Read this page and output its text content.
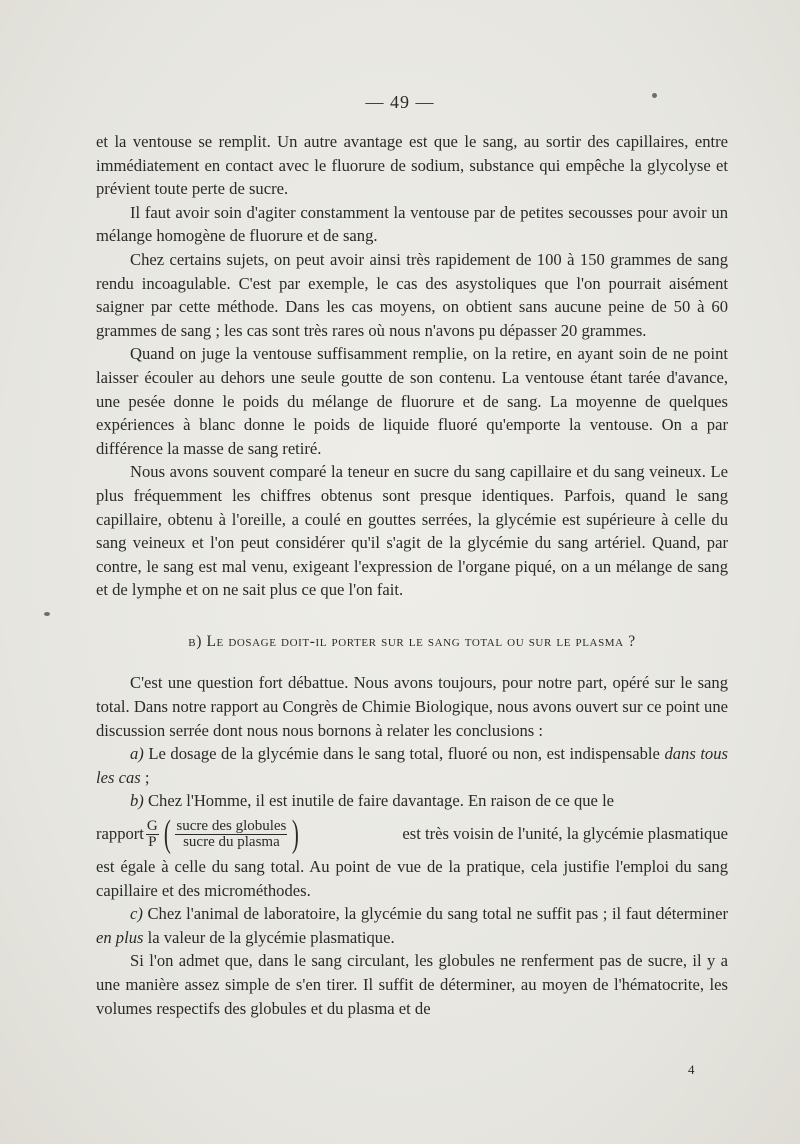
— 49 —

et la ventouse se remplit. Un autre avantage est que le sang, au sortir des capillaires, entre immédiatement en contact avec le fluorure de sodium, substance qui empêche la glycolyse et prévient toute perte de sucre.

Il faut avoir soin d'agiter constamment la ventouse par de petites secousses pour avoir un mélange homogène de fluorure et de sang.

Chez certains sujets, on peut avoir ainsi très rapidement de 100 à 150 grammes de sang rendu incoagulable. C'est par exemple, le cas des asystoliques que l'on pourrait aisément saigner par cette méthode. Dans les cas moyens, on obtient sans aucune peine de 50 à 60 grammes de sang ; les cas sont très rares où nous n'avons pu dépasser 20 grammes.

Quand on juge la ventouse suffisamment remplie, on la retire, en ayant soin de ne point laisser écouler au dehors une seule goutte de son contenu. La ventouse étant tarée d'avance, une pesée donne le poids du mélange de fluorure et de sang. La moyenne de quelques expériences à blanc donne le poids de liquide fluoré qu'emporte la ventouse. On a par différence la masse de sang retiré.

Nous avons souvent comparé la teneur en sucre du sang capillaire et du sang veineux. Le plus fréquemment les chiffres obtenus sont presque identiques. Parfois, quand le sang capillaire, obtenu à l'oreille, a coulé en gouttes serrées, la glycémie est supérieure à celle du sang veineux et l'on peut considérer qu'il s'agit de la glycémie du sang artériel. Quand, par contre, le sang est mal venu, exigeant l'expression de l'organe piqué, on a un mélange de sang et de lymphe et on ne sait plus ce que l'on fait.

b) Le dosage doit-il porter sur le sang total ou sur le plasma ?

C'est une question fort débattue. Nous avons toujours, pour notre part, opéré sur le sang total. Dans notre rapport au Congrès de Chimie Biologique, nous avons ouvert sur ce point une discussion serrée dont nous nous bornons à relater les conclusions :

a) Le dosage de la glycémie dans le sang total, fluoré ou non, est indispensable dans tous les cas ;

b) Chez l'Homme, il est inutile de faire davantage. En raison de ce que le

rapport $\frac{G}{P}$ ( $\frac{\text{sucre des globules}}{\text{sucre du plasma}}$ )	est très voisin de l'unité, la glycémie plasmatique

est égale à celle du sang total. Au point de vue de la pratique, cela justifie l'emploi du sang capillaire et des microméthodes.

c) Chez l'animal de laboratoire, la glycémie du sang total ne suffit pas ; il faut déterminer en plus la valeur de la glycémie plasmatique.

Si l'on admet que, dans le sang circulant, les globules ne renferment pas de sucre, il y a une manière assez simple de s'en tirer. Il suffit de déterminer, au moyen de l'hématocrite, les volumes respectifs des globules et du plasma et de

4
